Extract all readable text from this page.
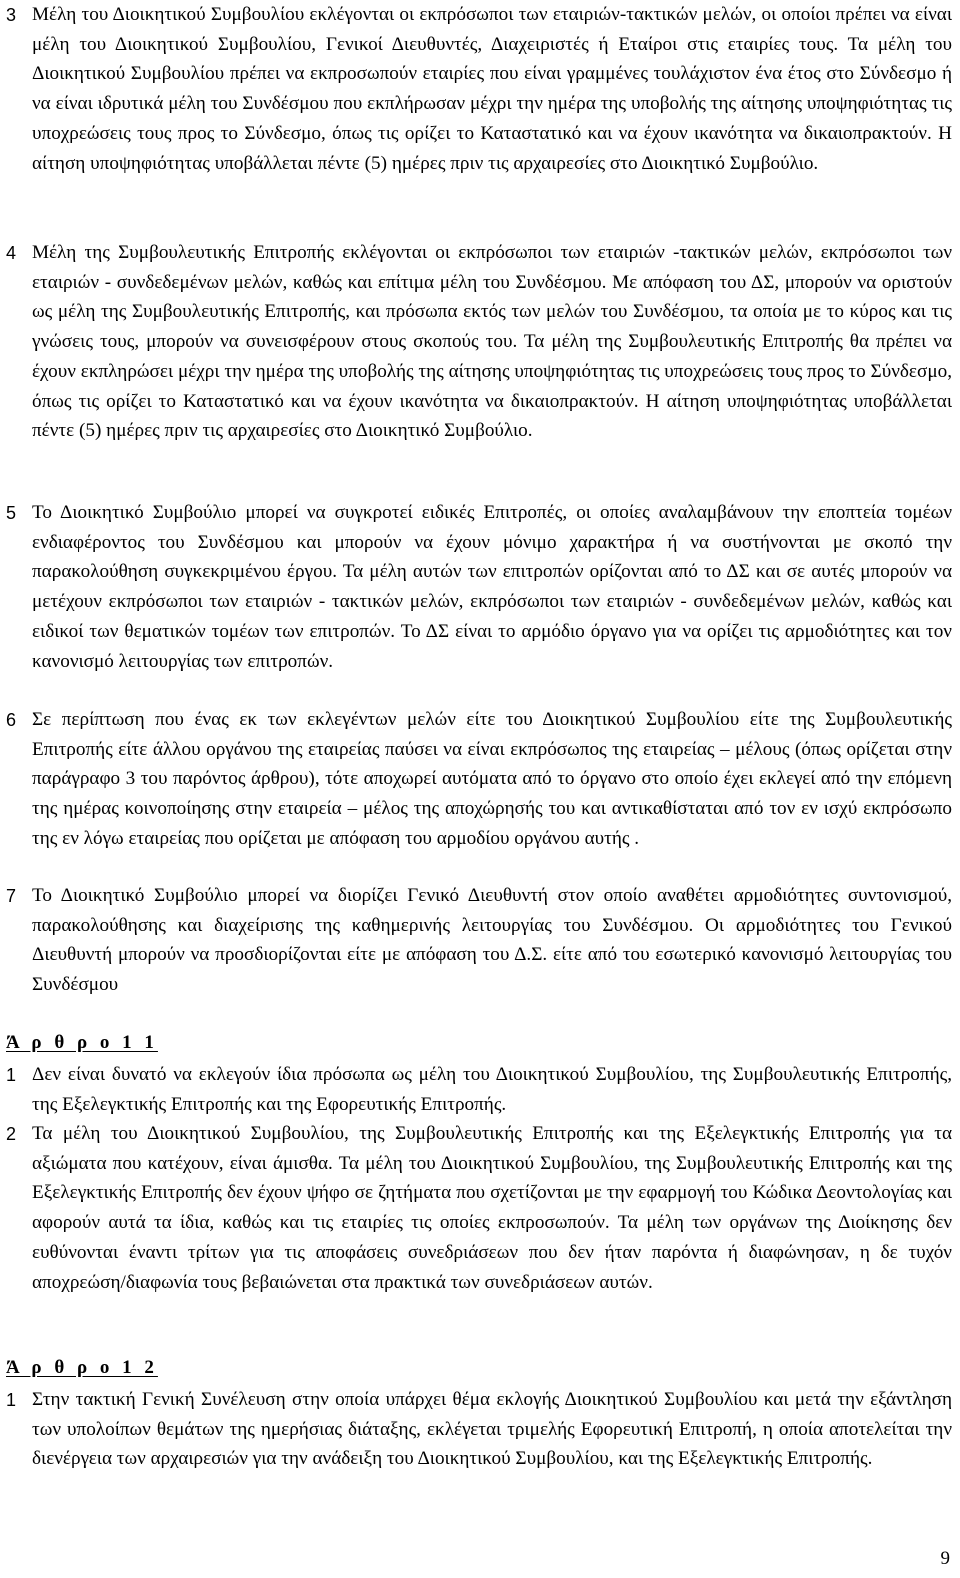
3 Μέλη του Διοικητικού Συμβουλίου εκλέγονται οι εκπρόσωποι των εταιριών-τακτικών μελών, οι οποίοι πρέπει να είναι μέλη του Διοικητικού Συμβουλίου, Γενικοί Διευθυντές, Διαχειριστές ή Εταίροι στις εταιρίες τους. Τα μέλη του Διοικητικού Συμβουλίου πρέπει να εκπροσωπούν εταιρίες που είναι γραμμένες τουλάχιστον ένα έτος στο Σύνδεσμο ή να είναι ιδρυτικά μέλη του Συνδέσμου που εκπλήρωσαν μέχρι την ημέρα της υποβολής της αίτησης υποψηφιότητας τις υποχρεώσεις τους προς το Σύνδεσμο, όπως τις ορίζει το Καταστατικό και να έχουν ικανότητα να δικαιοπρακτούν. Η αίτηση υποψηφιότητας υποβάλλεται πέντε (5) ημέρες πριν τις αρχαιρεσίες στο Διοικητικό Συμβούλιο.

4 Μέλη της Συμβουλευτικής Επιτροπής εκλέγονται οι εκπρόσωποι των εταιριών -τακτικών μελών, εκπρόσωποι των εταιριών - συνδεδεμένων μελών, καθώς και επίτιμα μέλη του Συνδέσμου. Με απόφαση του ΔΣ, μπορούν να οριστούν ως μέλη της Συμβουλευτικής Επιτροπής, και πρόσωπα εκτός των μελών του Συνδέσμου, τα οποία με το κύρος και τις γνώσεις τους, μπορούν να συνεισφέρουν στους σκοπούς του. Τα μέλη της Συμβουλευτικής Επιτροπής θα πρέπει να έχουν εκπληρώσει μέχρι την ημέρα της υποβολής της αίτησης υποψηφιότητας τις υποχρεώσεις τους προς το Σύνδεσμο, όπως τις ορίζει το Καταστατικό και να έχουν ικανότητα να δικαιοπρακτούν. Η αίτηση υποψηφιότητας υποβάλλεται πέντε (5) ημέρες πριν τις αρχαιρεσίες στο Διοικητικό Συμβούλιο.

5 Το Διοικητικό Συμβούλιο μπορεί να συγκροτεί ειδικές Επιτροπές, οι οποίες αναλαμβάνουν την εποπτεία τομέων ενδιαφέροντος του Συνδέσμου και μπορούν να έχουν μόνιμο χαρακτήρα ή να συστήνονται με σκοπό την παρακολούθηση συγκεκριμένου έργου. Τα μέλη αυτών των επιτροπών ορίζονται από το ΔΣ και σε αυτές μπορούν να μετέχουν εκπρόσωποι των εταιριών - τακτικών μελών, εκπρόσωποι των εταιριών - συνδεδεμένων μελών, καθώς και ειδικοί των θεματικών τομέων των επιτροπών. Το ΔΣ είναι το αρμόδιο όργανο για να ορίζει τις αρμοδιότητες και τον κανονισμό λειτουργίας των επιτροπών.

6 Σε περίπτωση που ένας εκ των εκλεγέντων μελών είτε του Διοικητικού Συμβουλίου είτε της Συμβουλευτικής Επιτροπής είτε άλλου οργάνου της εταιρείας παύσει να είναι εκπρόσωπος της εταιρείας – μέλους (όπως ορίζεται στην παράγραφο 3 του παρόντος άρθρου), τότε αποχωρεί αυτόματα από το όργανο στο οποίο έχει εκλεγεί από την επόμενη της ημέρας κοινοποίησης στην εταιρεία – μέλος της αποχώρησής του και αντικαθίσταται από τον εν ισχύ εκπρόσωπο της εν λόγω εταιρείας που ορίζεται με απόφαση του αρμοδίου οργάνου αυτής .

7 Το Διοικητικό Συμβούλιο μπορεί να διορίζει Γενικό Διευθυντή στον οποίο αναθέτει αρμοδιότητες συντονισμού, παρακολούθησης και διαχείρισης της καθημερινής λειτουργίας του Συνδέσμου. Οι αρμοδιότητες του Γενικού Διευθυντή μπορούν να προσδιορίζονται είτε με απόφαση του Δ.Σ. είτε από του εσωτερικό κανονισμό λειτουργίας του Συνδέσμου

Ά ρ θ ρ ο 1 1
1 Δεν είναι δυνατό να εκλεγούν ίδια πρόσωπα ως μέλη του Διοικητικού Συμβουλίου, της Συμβουλευτικής Επιτροπής, της Εξελεγκτικής Επιτροπής και της Εφορευτικής Επιτροπής.

2 Τα μέλη του Διοικητικού Συμβουλίου, της Συμβουλευτικής Επιτροπής και της Εξελεγκτικής Επιτροπής για τα αξιώματα που κατέχουν, είναι άμισθα. Τα μέλη του Διοικητικού Συμβουλίου, της Συμβουλευτικής Επιτροπής και της Εξελεγκτικής Επιτροπής δεν έχουν ψήφο σε ζητήματα που σχετίζονται με την εφαρμογή του Κώδικα Δεοντολογίας και αφορούν αυτά τα ίδια, καθώς και τις εταιρίες τις οποίες εκπροσωπούν. Τα μέλη των οργάνων της Διοίκησης δεν ευθύνονται έναντι τρίτων για τις αποφάσεις συνεδριάσεων που δεν ήταν παρόντα ή διαφώνησαν, η δε τυχόν αποχρεώση/διαφωνία τους βεβαιώνεται στα πρακτικά των συνεδριάσεων αυτών.

Ά ρ θ ρ ο 1 2
1 Στην τακτική Γενική Συνέλευση στην οποία υπάρχει θέμα εκλογής Διοικητικού Συμβουλίου και μετά την εξάντληση των υπολοίπων θεμάτων της ημερήσιας διάταξης, εκλέγεται τριμελής Εφορευτική Επιτροπή, η οποία αποτελείται την διενέργεια των αρχαιρεσιών για την ανάδειξη του Διοικητικού Συμβουλίου, και της Εξελεγκτικής Επιτροπής.

9
